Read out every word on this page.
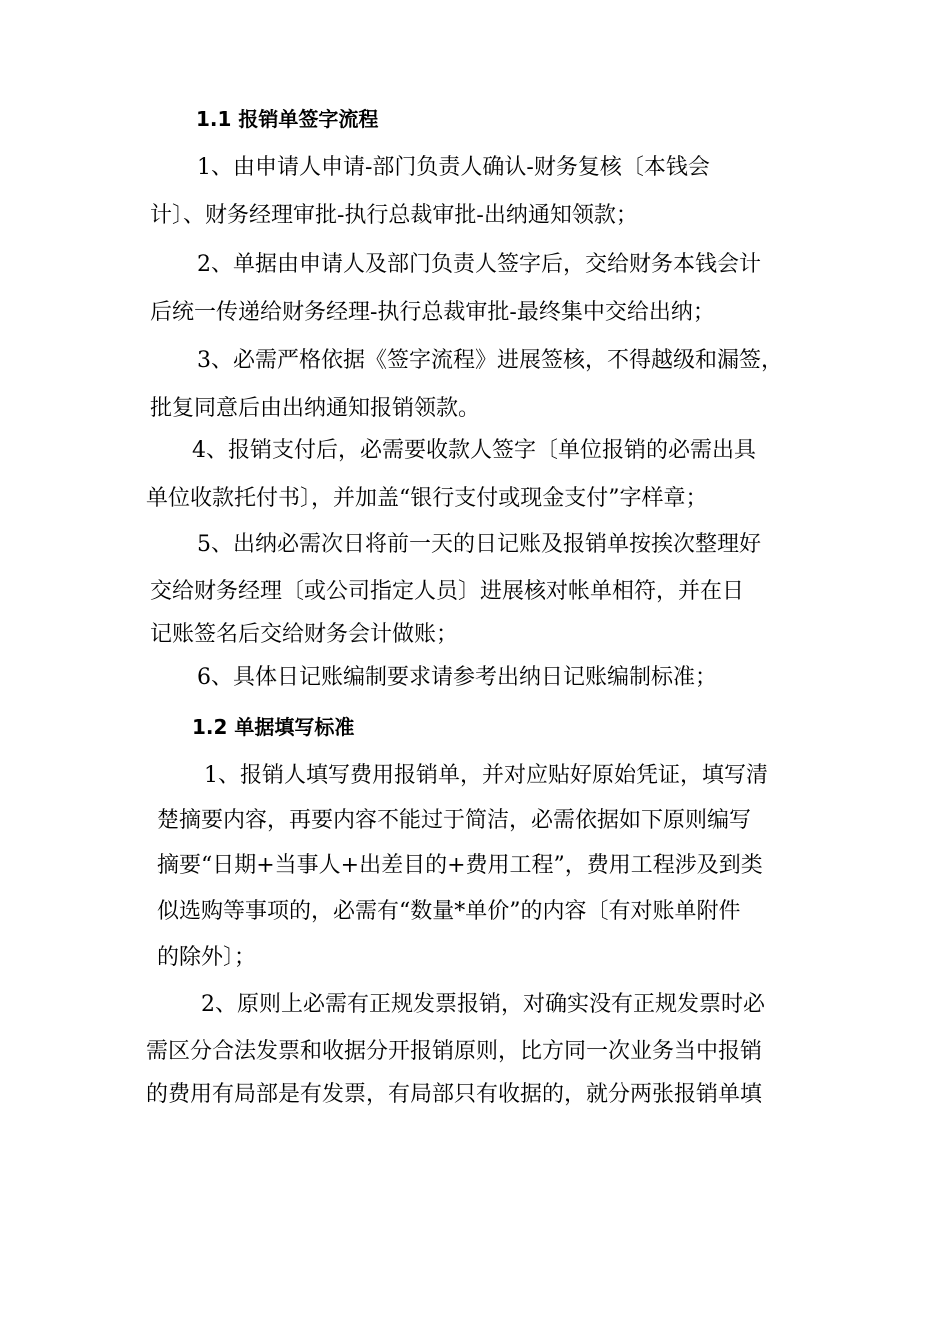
1.1 报销单签字流程
1、由申请人申请-部门负责人确认-财务复核〔本钱会
计〕、财务经理审批-执行总裁审批-出纳通知领款；
2、单据由申请人及部门负责人签字后，交给财务本钱会计
后统一传递给财务经理-执行总裁审批-最终集中交给出纳；
3、必需严格依据《签字流程》进展签核，不得越级和漏签，
批复同意后由出纳通知报销领款。
4、报销支付后，必需要收款人签字〔单位报销的必需出具
单位收款托付书〕，并加盖“银行支付或现金支付”字样章；
5、出纳必需次日将前一天的日记账及报销单按挨次整理好
交给财务经理〔或公司指定人员〕进展核对帐单相符，并在日
记账签名后交给财务会计做账；
6、具体日记账编制要求请参考出纳日记账编制标准；
1.2 单据填写标准
1、报销人填写费用报销单，并对应贴好原始凭证，填写清
楚摘要内容，再要内容不能过于简洁，必需依据如下原则编写
摘要“日期+当事人+出差目的+费用工程”，费用工程涉及到类
似选购等事项的，必需有“数量*单价”的内容〔有对账单附件
的除外〕；
2、原则上必需有正规发票报销，对确实没有正规发票时必
需区分合法发票和收据分开报销原则，比方同一次业务当中报销
的费用有局部是有发票，有局部只有收据的，就分两张报销单填
